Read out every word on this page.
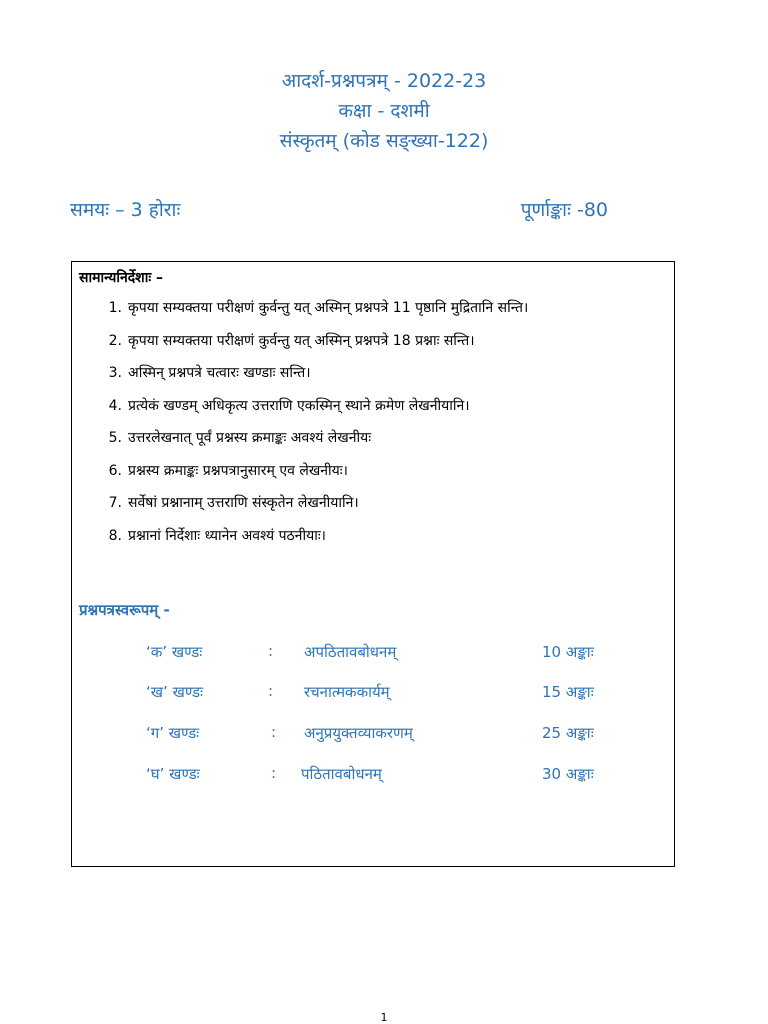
आदर्श-प्रश्नपत्रम् - 2022-23
कक्षा - दशमी
संस्कृतम् (कोड सङ्ख्या-122)
समयः – 3 होराः	पूर्णाङ्काः -80
सामान्यनिर्देशाः –
1. कृपया सम्यक्तया परीक्षणं कुर्वन्तु यत् अस्मिन् प्रश्नपत्रे 11 पृष्ठानि मुद्रितानि सन्ति।
2. कृपया सम्यक्तया परीक्षणं कुर्वन्तु यत् अस्मिन् प्रश्नपत्रे 18 प्रश्नाः सन्ति।
3. अस्मिन् प्रश्नपत्रे चत्वारः खण्डाः सन्ति।
4. प्रत्येकं खण्डम् अधिकृत्य उत्तराणि एकस्मिन् स्थाने क्रमेण लेखनीयानि।
5. उत्तरलेखनात् पूर्वं प्रश्नस्य क्रमाङ्कः अवश्यं लेखनीयः
6. प्रश्नस्य क्रमाङ्कः प्रश्नपत्रानुसारम् एव लेखनीयः।
7. सर्वेषां प्रश्नानाम् उत्तराणि संस्कृतेन लेखनीयानि।
8. प्रश्नानां निर्देशाः ध्यानेन अवश्यं पठनीयाः।
प्रश्नपत्रस्वरूपम् -
‘क’ खण्डः	: अपठितावबोधनम्	10 अङ्काः
‘ख’ खण्डः	: रचनात्मककार्यम्	15 अङ्काः
‘ग’ खण्डः	: अनुप्रयुक्तव्याकरणम्	25 अङ्काः
‘घ’ खण्डः	: पठितावबोधनम्	30 अङ्काः
1
